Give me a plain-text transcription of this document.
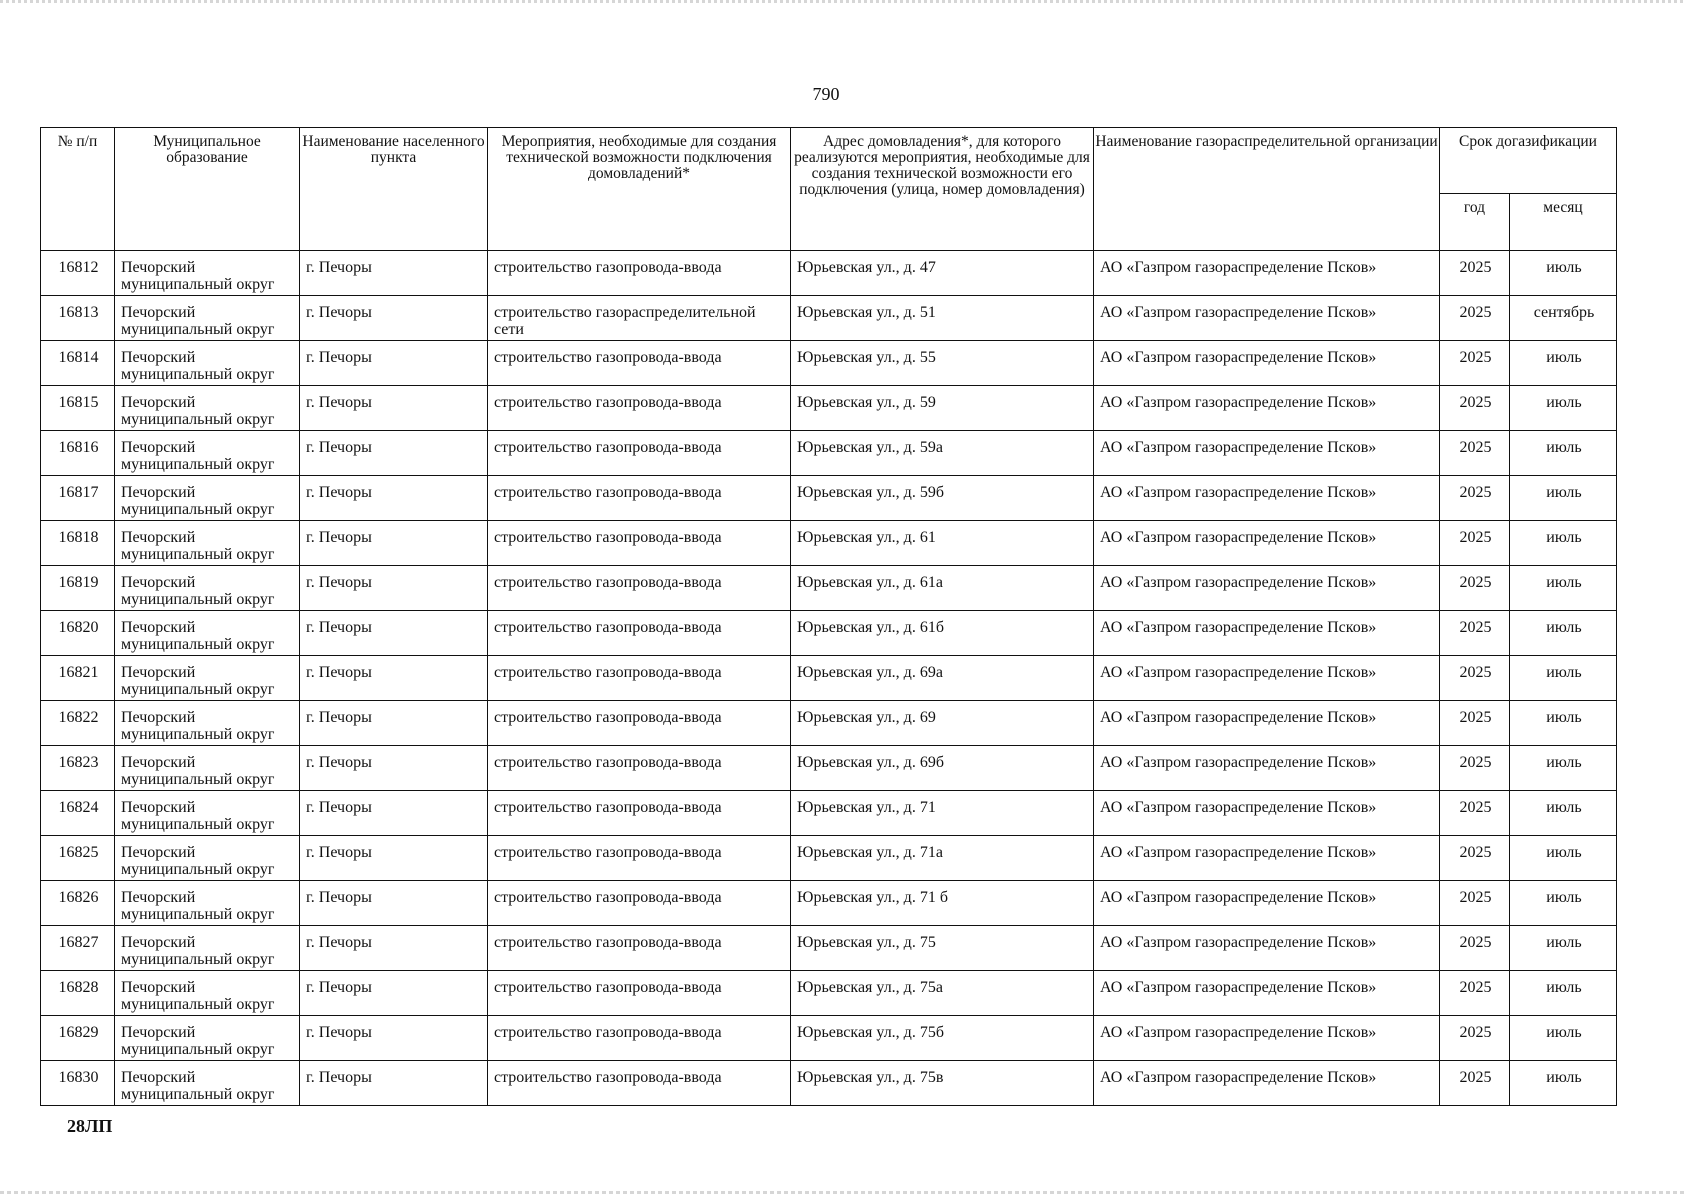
790
№ п/п	Муниципальное образование	Наименование населенного пункта	Мероприятия, необходимые для создания технической возможности подключения домовладений*	Адрес домовладения*, для которого реализуются мероприятия, необходимые для создания технической возможности его подключения (улица, номер домовладения)	Наименование газораспределительной организации	Срок догазификации	
						год	месяц
16812	Печорский муниципальный округ	г. Печоры	строительство газопровода-ввода	Юрьевская ул., д. 47	АО «Газпром газораспределение Псков»	2025	июль
16813	Печорский муниципальный округ	г. Печоры	строительство газораспределительной сети	Юрьевская ул., д. 51	АО «Газпром газораспределение Псков»	2025	сентябрь
16814	Печорский муниципальный округ	г. Печоры	строительство газопровода-ввода	Юрьевская ул., д. 55	АО «Газпром газораспределение Псков»	2025	июль
16815	Печорский муниципальный округ	г. Печоры	строительство газопровода-ввода	Юрьевская ул., д. 59	АО «Газпром газораспределение Псков»	2025	июль
16816	Печорский муниципальный округ	г. Печоры	строительство газопровода-ввода	Юрьевская ул., д. 59а	АО «Газпром газораспределение Псков»	2025	июль
16817	Печорский муниципальный округ	г. Печоры	строительство газопровода-ввода	Юрьевская ул., д. 59б	АО «Газпром газораспределение Псков»	2025	июль
16818	Печорский муниципальный округ	г. Печоры	строительство газопровода-ввода	Юрьевская ул., д. 61	АО «Газпром газораспределение Псков»	2025	июль
16819	Печорский муниципальный округ	г. Печоры	строительство газопровода-ввода	Юрьевская ул., д. 61а	АО «Газпром газораспределение Псков»	2025	июль
16820	Печорский муниципальный округ	г. Печоры	строительство газопровода-ввода	Юрьевская ул., д. 61б	АО «Газпром газораспределение Псков»	2025	июль
16821	Печорский муниципальный округ	г. Печоры	строительство газопровода-ввода	Юрьевская ул., д. 69а	АО «Газпром газораспределение Псков»	2025	июль
16822	Печорский муниципальный округ	г. Печоры	строительство газопровода-ввода	Юрьевская ул., д. 69	АО «Газпром газораспределение Псков»	2025	июль
16823	Печорский муниципальный округ	г. Печоры	строительство газопровода-ввода	Юрьевская ул., д. 69б	АО «Газпром газораспределение Псков»	2025	июль
16824	Печорский муниципальный округ	г. Печоры	строительство газопровода-ввода	Юрьевская ул., д. 71	АО «Газпром газораспределение Псков»	2025	июль
16825	Печорский муниципальный округ	г. Печоры	строительство газопровода-ввода	Юрьевская ул., д. 71а	АО «Газпром газораспределение Псков»	2025	июль
16826	Печорский муниципальный округ	г. Печоры	строительство газопровода-ввода	Юрьевская ул., д. 71 б	АО «Газпром газораспределение Псков»	2025	июль
16827	Печорский муниципальный округ	г. Печоры	строительство газопровода-ввода	Юрьевская ул., д. 75	АО «Газпром газораспределение Псков»	2025	июль
16828	Печорский муниципальный округ	г. Печоры	строительство газопровода-ввода	Юрьевская ул., д. 75а	АО «Газпром газораспределение Псков»	2025	июль
16829	Печорский муниципальный округ	г. Печоры	строительство газопровода-ввода	Юрьевская ул., д. 75б	АО «Газпром газораспределение Псков»	2025	июль
16830	Печорский муниципальный округ	г. Печоры	строительство газопровода-ввода	Юрьевская ул., д. 75в	АО «Газпром газораспределение Псков»	2025	июль
28ЛП
